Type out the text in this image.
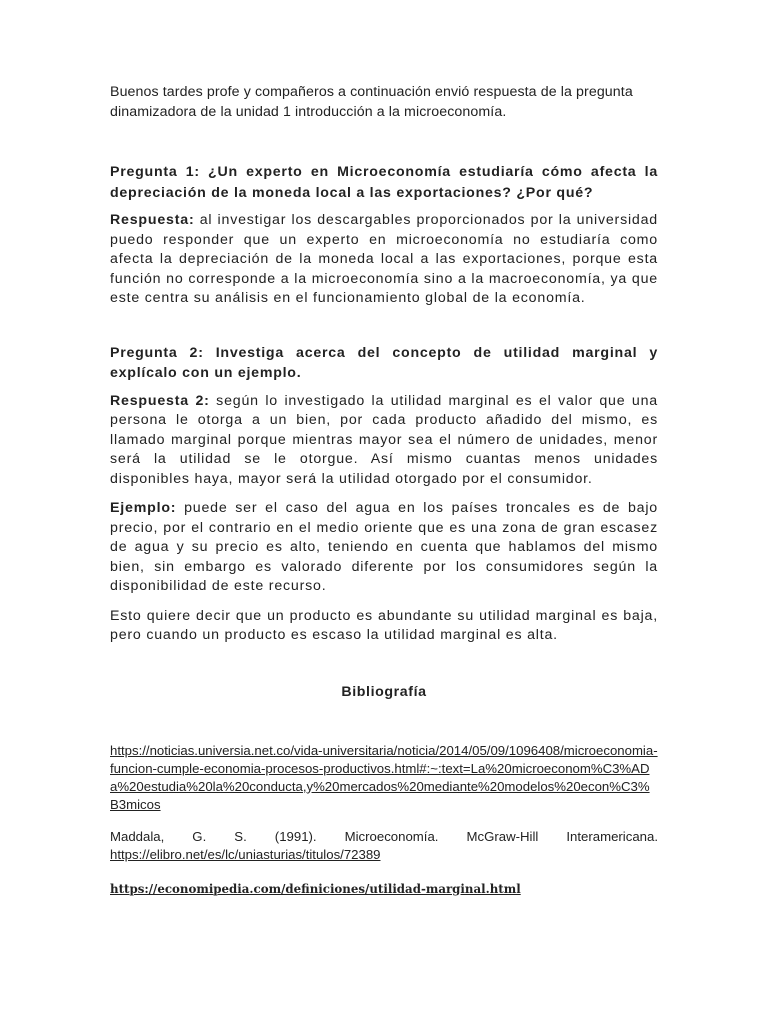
Buenos tardes profe y compañeros a continuación envió respuesta de la pregunta dinamizadora de la unidad 1 introducción a la microeconomía.

Pregunta 1: ¿Un experto en Microeconomía estudiaría cómo afecta la depreciación de la moneda local a las exportaciones? ¿Por qué?

Respuesta: al investigar los descargables proporcionados por la universidad puedo responder que un experto en microeconomía no estudiaría como afecta la depreciación de la moneda local a las exportaciones, porque esta función no corresponde a la microeconomía sino a la macroeconomía, ya que este centra su análisis en el funcionamiento global de la economía.

Pregunta 2: Investiga acerca del concepto de utilidad marginal y explícalo con un ejemplo.

Respuesta 2: según lo investigado la utilidad marginal es el valor que una persona le otorga a un bien, por cada producto añadido del mismo, es llamado marginal porque mientras mayor sea el número de unidades, menor será la utilidad se le otorgue. Así mismo cuantas menos unidades disponibles haya, mayor será la utilidad otorgado por el consumidor.

Ejemplo: puede ser el caso del agua en los países troncales es de bajo precio, por el contrario en el medio oriente que es una zona de gran escasez de agua y su precio es alto, teniendo en cuenta que hablamos del mismo bien, sin embargo es valorado diferente por los consumidores según la disponibilidad de este recurso.

Esto quiere decir que un producto es abundante su utilidad marginal es baja, pero cuando un producto es escaso la utilidad marginal es alta.

Bibliografía

https://noticias.universia.net.co/vida-universitaria/noticia/2014/05/09/1096408/microeconomia-funcion-cumple-economia-procesos-productivos.html#:~:text=La%20microeconom%C3%ADa%20estudia%20la%20conducta,y%20mercados%20mediante%20modelos%20econ%C3%B3micos

Maddala, G. S. (1991). Microeconomía. McGraw-Hill Interamericana. https://elibro.net/es/lc/uniasturias/titulos/72389

https://economipedia.com/definiciones/utilidad-marginal.html
